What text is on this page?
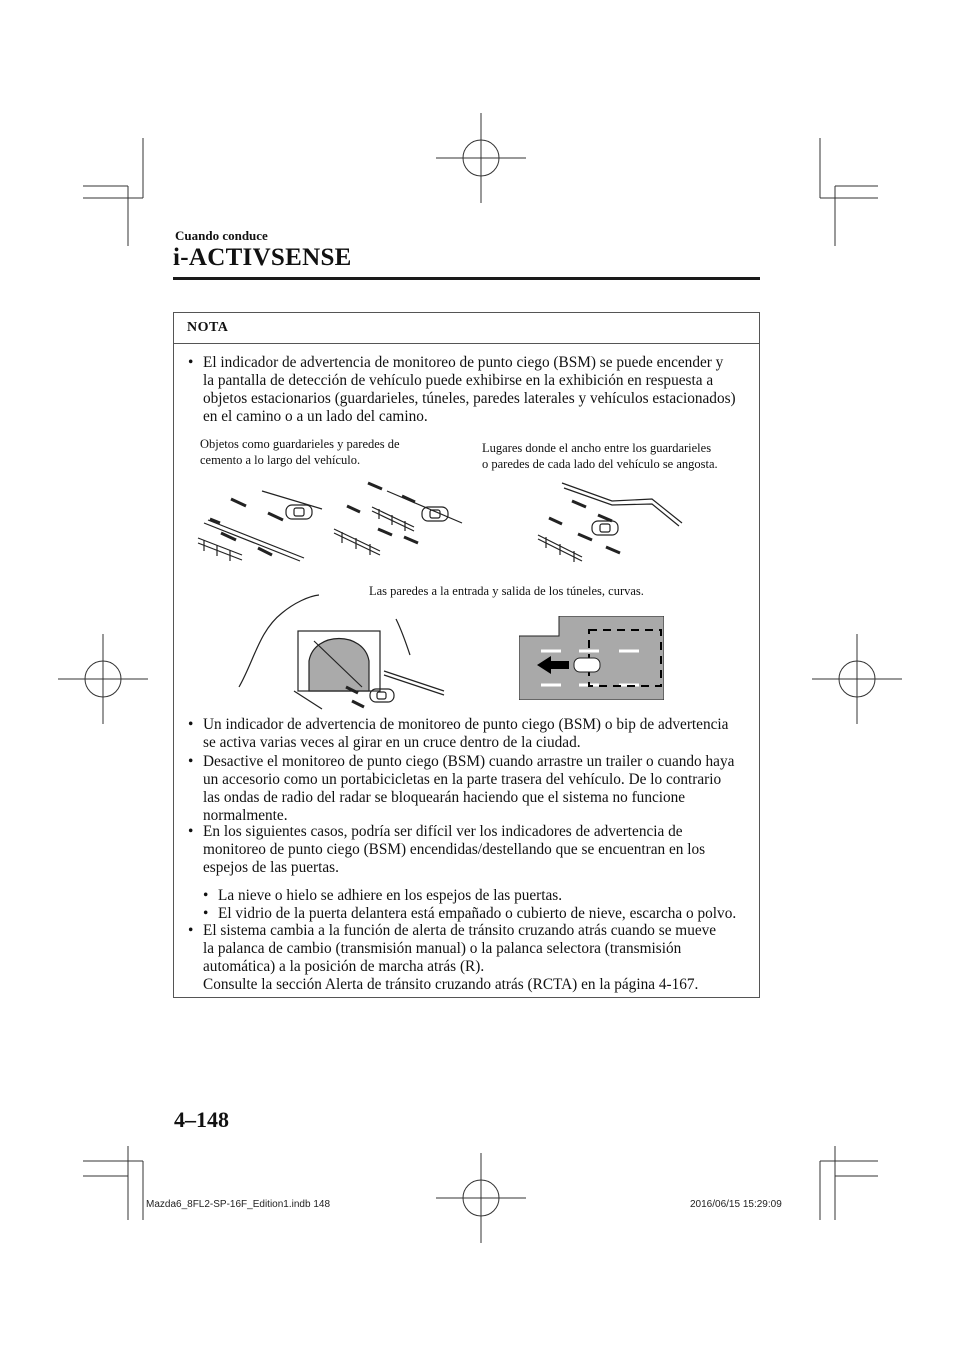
Cuando conduce
i-ACTIVSENSE
NOTA
• El indicador de advertencia de monitoreo de punto ciego (BSM) se puede encender y
la pantalla de detección de vehículo puede exhibirse en la exhibición en respuesta a
objetos estacionarios (guardarieles, túneles, paredes laterales y vehículos estacionados)
en el camino o a un lado del camino.
Objetos como guardarieles y paredes de
cemento a lo largo del vehículo.
Lugares donde el ancho entre los guardarieles
o paredes de cada lado del vehículo se angosta.
Las paredes a la entrada y salida de los túneles, curvas.
• Un indicador de advertencia de monitoreo de punto ciego (BSM) o bip de advertencia
se activa varias veces al girar en un cruce dentro de la ciudad.
• Desactive el monitoreo de punto ciego (BSM) cuando arrastre un trailer o cuando haya
un accesorio como un portabicicletas en la parte trasera del vehículo. De lo contrario
las ondas de radio del radar se bloquearán haciendo que el sistema no funcione
normalmente.
• En los siguientes casos, podría ser difícil ver los indicadores de advertencia de
monitoreo de punto ciego (BSM) encendidas/destellando que se encuentran en los
espejos de las puertas.
• La nieve o hielo se adhiere en los espejos de las puertas.
• El vidrio de la puerta delantera está empañado o cubierto de nieve, escarcha o polvo.
• El sistema cambia a la función de alerta de tránsito cruzando atrás cuando se mueve
la palanca de cambio (transmisión manual) o la palanca selectora (transmisión
automática) a la posición de marcha atrás (R).
Consulte la sección Alerta de tránsito cruzando atrás (RCTA) en la página 4-167.
4–148
Mazda6_8FL2-SP-16F_Edition1.indb 148	2016/06/15 15:29:09
